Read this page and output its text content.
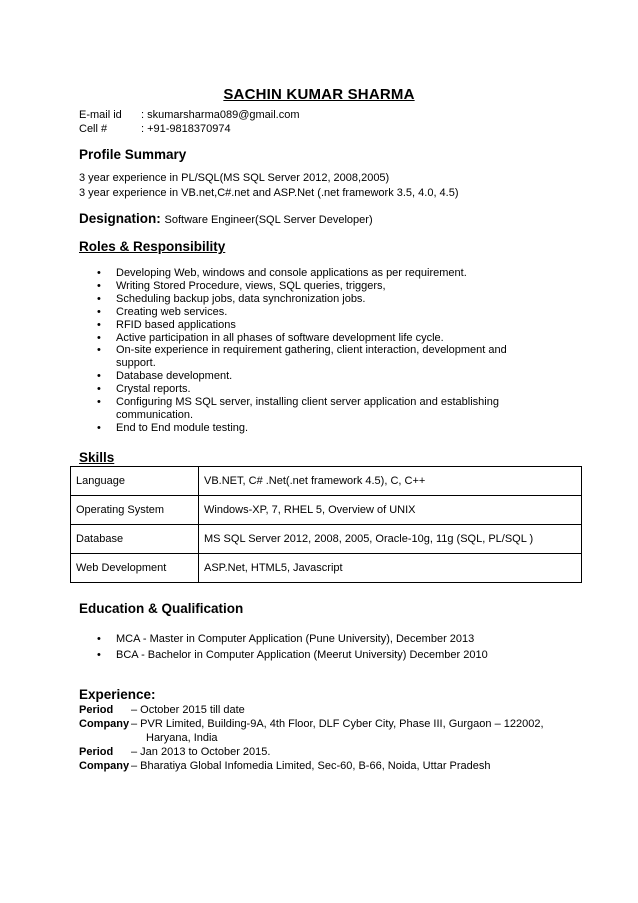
SACHIN KUMAR SHARMA
E-mail id : skumarsharma089@gmail.com
Cell #	: +91-9818370974
Profile Summary
3 year experience in PL/SQL(MS SQL Server 2012, 2008,2005)
3 year experience in VB.net,C#.net and ASP.Net (.net framework 3.5, 4.0, 4.5)
Designation: Software Engineer(SQL Server Developer)
Roles & Responsibility
• Developing Web, windows and console applications as per requirement.
• Writing Stored Procedure, views, SQL queries, triggers,
• Scheduling backup jobs, data synchronization jobs.
• Creating web services.
• RFID based applications
• Active participation in all phases of software development life cycle.
• On-site experience in requirement gathering, client interaction, development and support.
• Database development.
• Crystal reports.
• Configuring MS SQL server, installing client server application and establishing communication.
• End to End module testing.
Skills
Language	VB.NET, C# .Net(.net framework 4.5), C, C++
Operating System	Windows-XP, 7, RHEL 5, Overview of UNIX
Database	MS SQL Server 2012, 2008, 2005, Oracle-10g, 11g (SQL, PL/SQL )
Web Development	ASP.Net, HTML5, Javascript
Education & Qualification
• MCA - Master in Computer Application (Pune University), December 2013
• BCA - Bachelor in Computer Application (Meerut University) December 2010
Experience:
Period – October 2015 till date
Company – PVR Limited, Building-9A, 4th Floor, DLF Cyber City, Phase III, Gurgaon – 122002,
Haryana, India
Period – Jan 2013 to October 2015.
Company – Bharatiya Global Infomedia Limited, Sec-60, B-66, Noida, Uttar Pradesh
